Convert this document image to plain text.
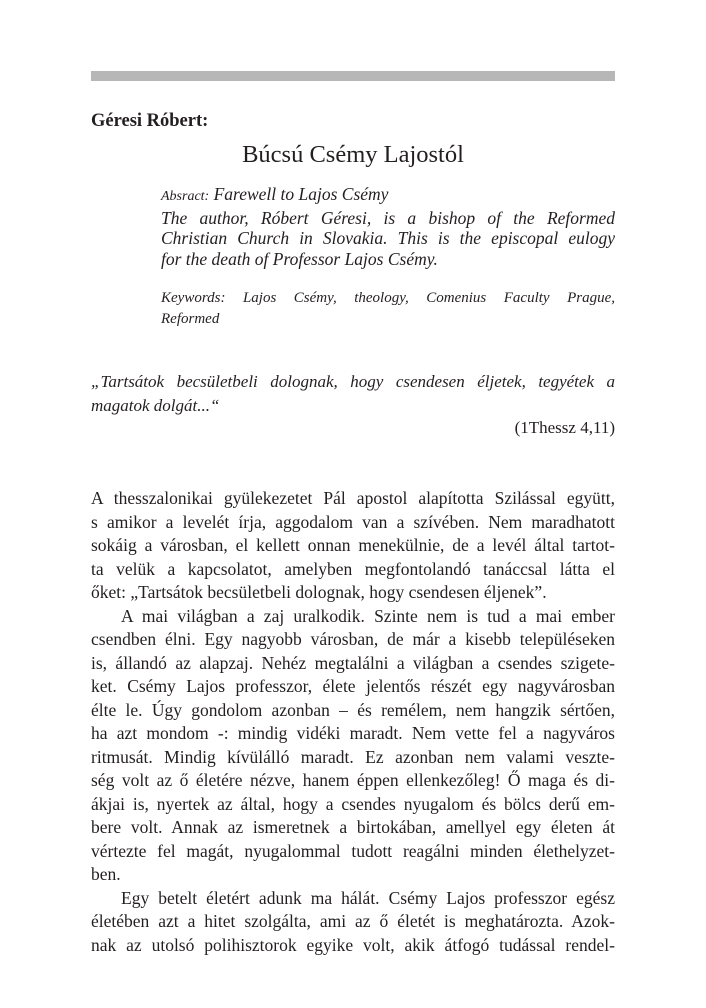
Géresi Róbert:
Búcsú Csémy Lajostól
Absract: Farewell to Lajos Csémy
The author, Róbert Géresi, is a bishop of the Reformed
Christian Church in Slovakia. This is the episcopal eulogy
for the death of Professor Lajos Csémy.
Keywords: Lajos Csémy, theology, Comenius Faculty Prague,
Reformed
„Tartsátok becsületbeli dolognak, hogy csendesen éljetek, tegyétek a
magatok dolgát...“
(1Thessz 4,11)
A thesszalonikai gyülekezetet Pál apostol alapította Szilással együtt,
s amikor a levelét írja, aggodalom van a szívében. Nem maradhatott
sokáig a városban, el kellett onnan menekülnie, de a levél által tartot-
ta velük a kapcsolatot, amelyben megfontolandó tanáccsal látta el
őket: „Tartsátok becsületbeli dolognak, hogy csendesen éljenek”.
A mai világban a zaj uralkodik. Szinte nem is tud a mai ember
csendben élni. Egy nagyobb városban, de már a kisebb településeken
is, állandó az alapzaj. Nehéz megtalálni a világban a csendes szigete-
ket. Csémy Lajos professzor, élete jelentős részét egy nagyvárosban
élte le. Úgy gondolom azonban – és remélem, nem hangzik sértően,
ha azt mondom -: mindig vidéki maradt. Nem vette fel a nagyváros
ritmusát. Mindig kívülálló maradt. Ez azonban nem valami veszte-
ség volt az ő életére nézve, hanem éppen ellenkezőleg! Ő maga és di-
ákjai is, nyertek az által, hogy a csendes nyugalom és bölcs derű em-
bere volt. Annak az ismeretnek a birtokában, amellyel egy életen át
vértezte fel magát, nyugalommal tudott reagálni minden élethelyzet-
ben.
Egy betelt életért adunk ma hálát. Csémy Lajos professzor egész
életében azt a hitet szolgálta, ami az ő életét is meghatározta. Azok-
nak az utolsó polihisztorok egyike volt, akik átfogó tudással rendel-
